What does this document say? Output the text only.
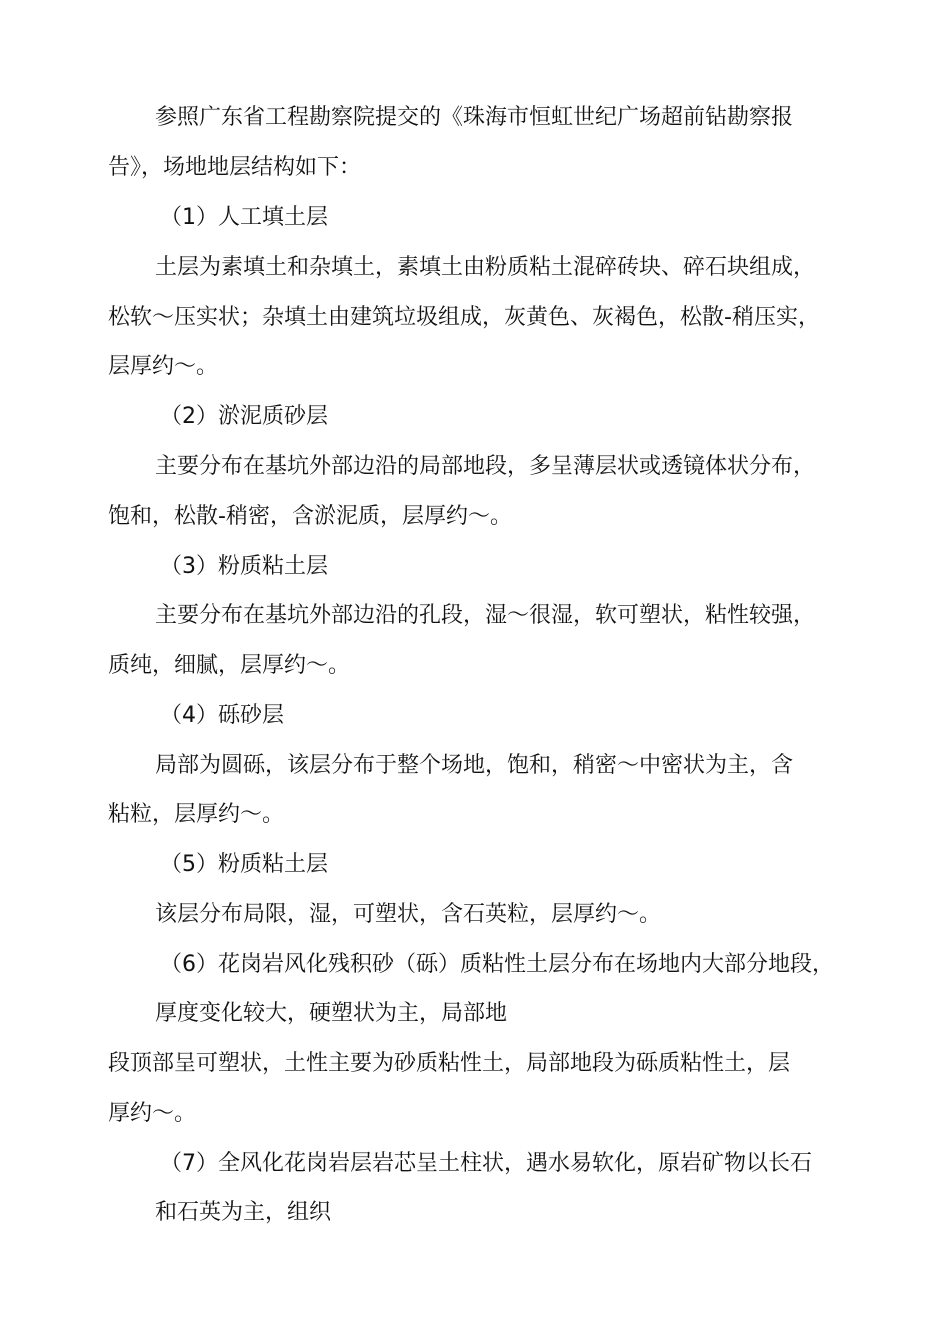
参照广东省工程勘察院提交的《珠海市恒虹世纪广场超前钻勘察报
告》，场地地层结构如下：
（1）人工填土层
土层为素填土和杂填土，素填土由粉质粘土混碎砖块、碎石块组成，
松软〜压实状；杂填土由建筑垃圾组成，灰黄色、灰褐色，松散-稍压实，
层厚约〜。
（2）淤泥质砂层
主要分布在基坑外部边沿的局部地段，多呈薄层状或透镜体状分布，
饱和，松散-稍密，含淤泥质，层厚约〜。
（3）粉质粘土层
主要分布在基坑外部边沿的孔段，湿〜很湿，软可塑状，粘性较强，
质纯，细腻，层厚约〜。
（4）砾砂层
局部为圆砾，该层分布于整个场地，饱和，稍密〜中密状为主，含
粘粒，层厚约〜。
（5）粉质粘土层
该层分布局限，湿，可塑状，含石英粒，层厚约〜。
（6）花岗岩风化残积砂（砾）质粘性土层分布在场地内大部分地段，
厚度变化较大，硬塑状为主，局部地
段顶部呈可塑状，土性主要为砂质粘性土，局部地段为砾质粘性土，层
厚约〜。
（7）全风化花岗岩层岩芯呈土柱状，遇水易软化，原岩矿物以长石
和石英为主，组织
